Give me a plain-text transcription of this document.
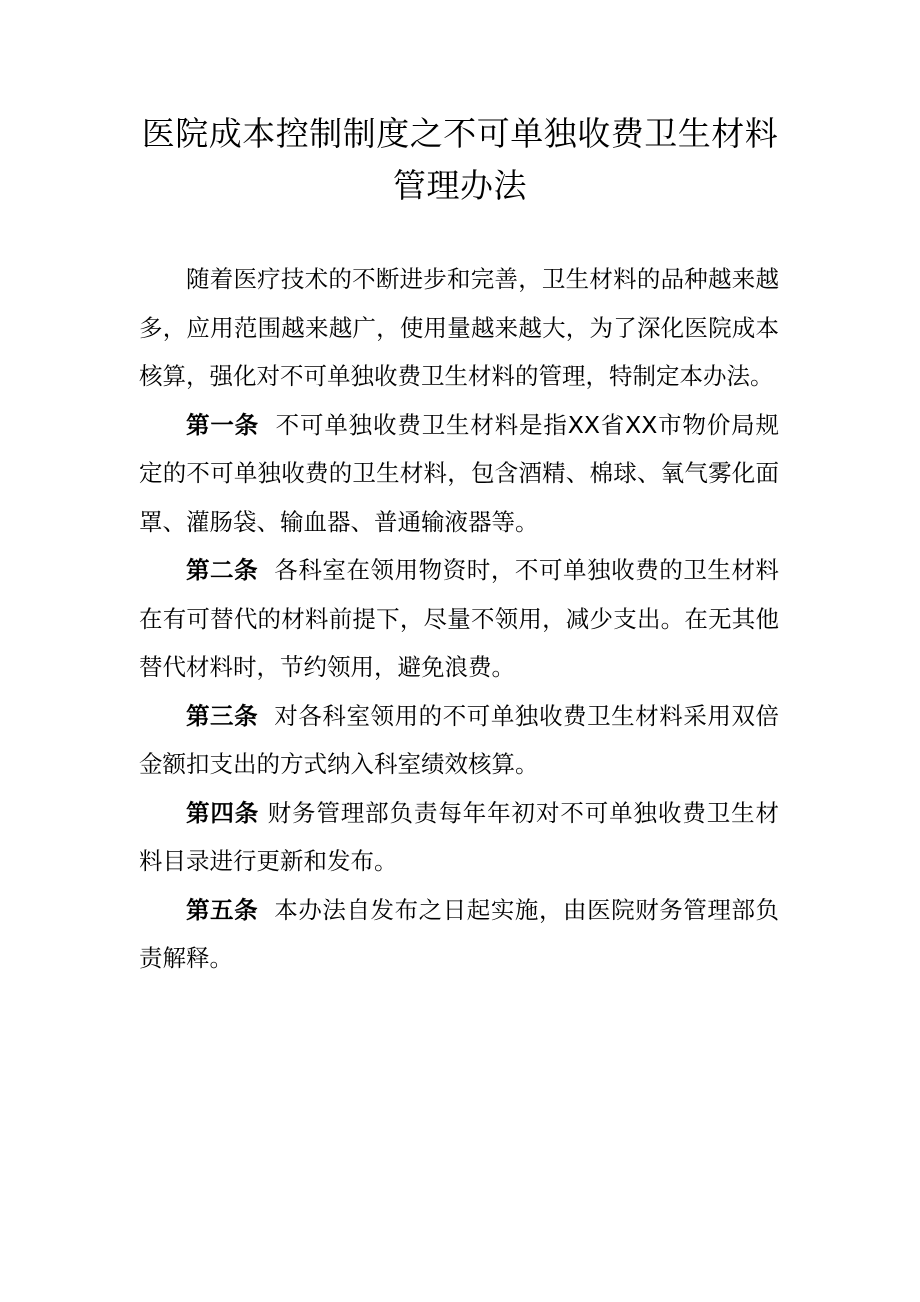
医院成本控制制度之不可单独收费卫生材料
管理办法

随着医疗技术的不断进步和完善，卫生材料的品种越来越多，应用范围越来越广，使用量越来越大，为了深化医院成本核算，强化对不可单独收费卫生材料的管理，特制定本办法。

第一条 不可单独收费卫生材料是指XX省XX市物价局规定的不可单独收费的卫生材料，包含酒精、棉球、氧气雾化面罩、灌肠袋、输血器、普通输液器等。

第二条 各科室在领用物资时，不可单独收费的卫生材料在有可替代的材料前提下，尽量不领用，减少支出。在无其他替代材料时，节约领用，避免浪费。

第三条 对各科室领用的不可单独收费卫生材料采用双倍金额扣支出的方式纳入科室绩效核算。

第四条 财务管理部负责每年年初对不可单独收费卫生材料目录进行更新和发布。

第五条 本办法自发布之日起实施，由医院财务管理部负责解释。
